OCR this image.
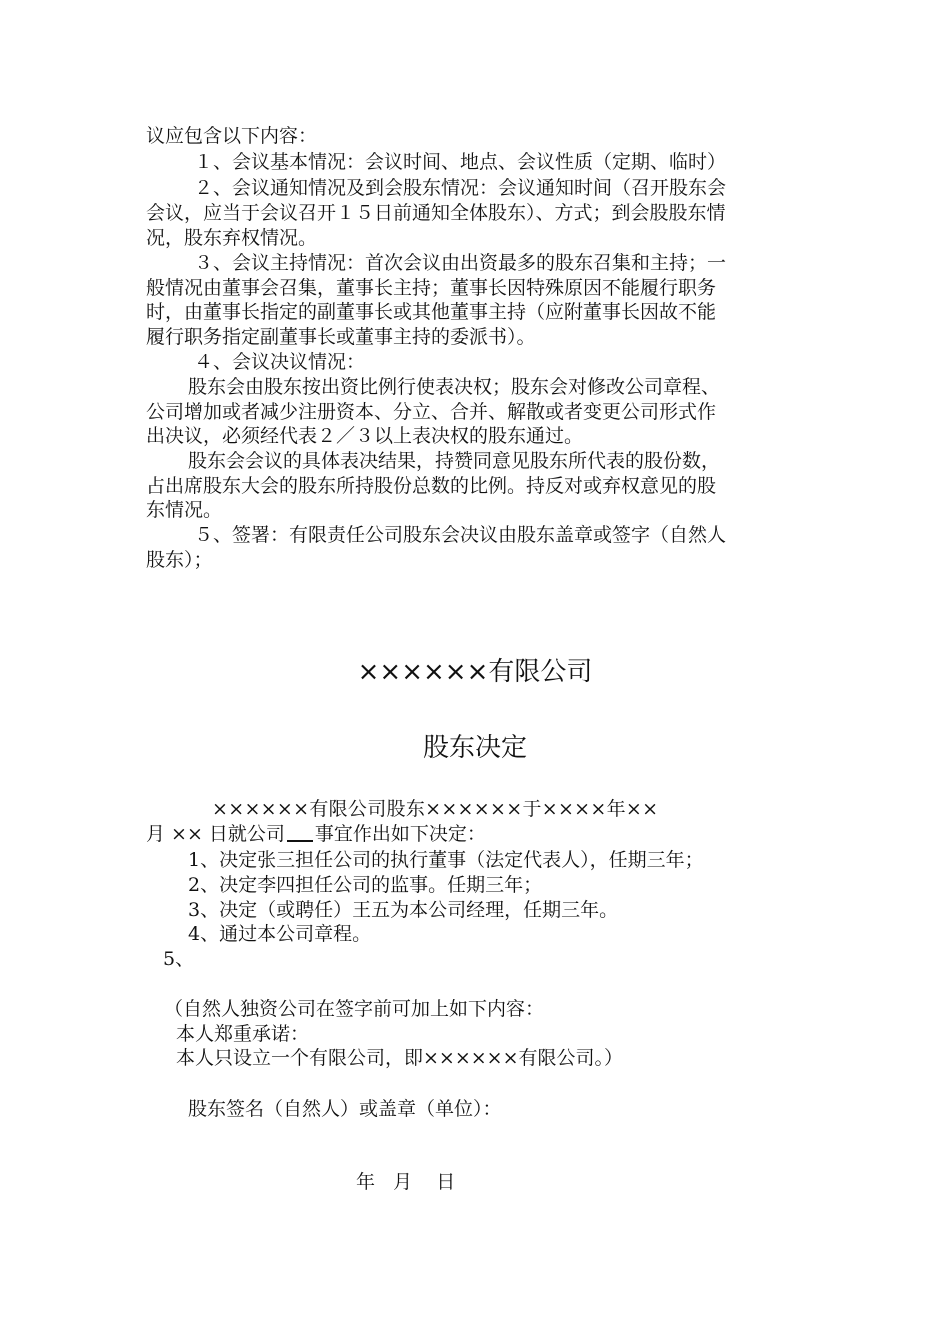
议应包含以下内容：
１、会议基本情况：会议时间、地点、会议性质（定期、临时）
２、会议通知情况及到会股东情况：会议通知时间（召开股东会
会议，应当于会议召开１５日前通知全体股东）、方式；到会股股东情
况，股东弃权情况。
３、会议主持情况：首次会议由出资最多的股东召集和主持；一
般情况由董事会召集，董事长主持；董事长因特殊原因不能履行职务
时，由董事长指定的副董事长或其他董事主持（应附董事长因故不能
履行职务指定副董事长或董事主持的委派书）。
４、会议决议情况：
股东会由股东按出资比例行使表决权；股东会对修改公司章程、
公司增加或者减少注册资本、分立、合并、解散或者变更公司形式作
出决议，必须经代表２／３以上表决权的股东通过。
股东会会议的具体表决结果，持赞同意见股东所代表的股份数，
占出席股东大会的股东所持股份总数的比例。持反对或弃权意见的股
东情况。
５、签署：有限责任公司股东会决议由股东盖章或签字（自然人
股东）；
××××××有限公司
股东决定
××××××有限公司股东××××××于××××年××
月 ×× 日就公司 事宜作出如下决定：
1、决定张三担任公司的执行董事（法定代表人），任期三年；
2、决定李四担任公司的监事。任期三年；
3、决定（或聘任）王五为本公司经理，任期三年。
4、通过本公司章程。
5、
（自然人独资公司在签字前可加上如下内容：
本人郑重承诺：
本人只设立一个有限公司，即××××××有限公司。）
股东签名（自然人）或盖章（单位）：
年   月    日
